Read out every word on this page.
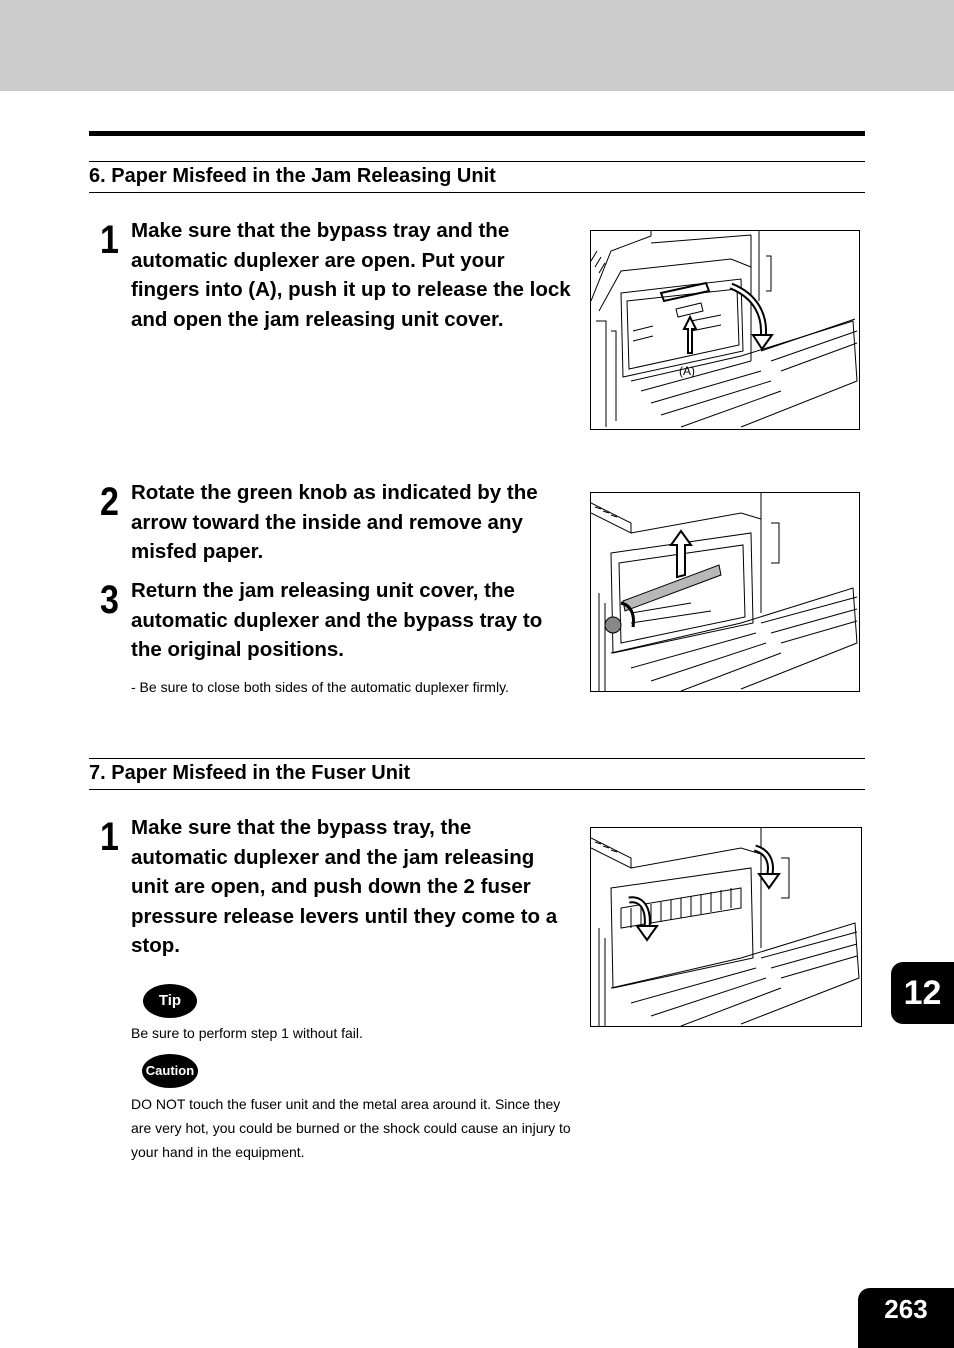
6. Paper Misfeed in the Jam Releasing Unit
1 Make sure that the bypass tray and the automatic duplexer are open. Put your fingers into (A), push it up to release the lock and open the jam releasing unit cover.
(A)
2 Rotate the green knob as indicated by the arrow toward the inside and remove any misfed paper.
3 Return the jam releasing unit cover, the automatic duplexer and the bypass tray to the original positions.
- Be sure to close both sides of the automatic duplexer firmly.
7. Paper Misfeed in the Fuser Unit
1 Make sure that the bypass tray, the automatic duplexer and the jam releasing unit are open, and push down the 2 fuser pressure release levers until they come to a stop.
Tip
Be sure to perform step 1 without fail.
Caution
DO NOT touch the fuser unit and the metal area around it. Since they are very hot, you could be burned or the shock could cause an injury to your hand in the equipment.
12
263
